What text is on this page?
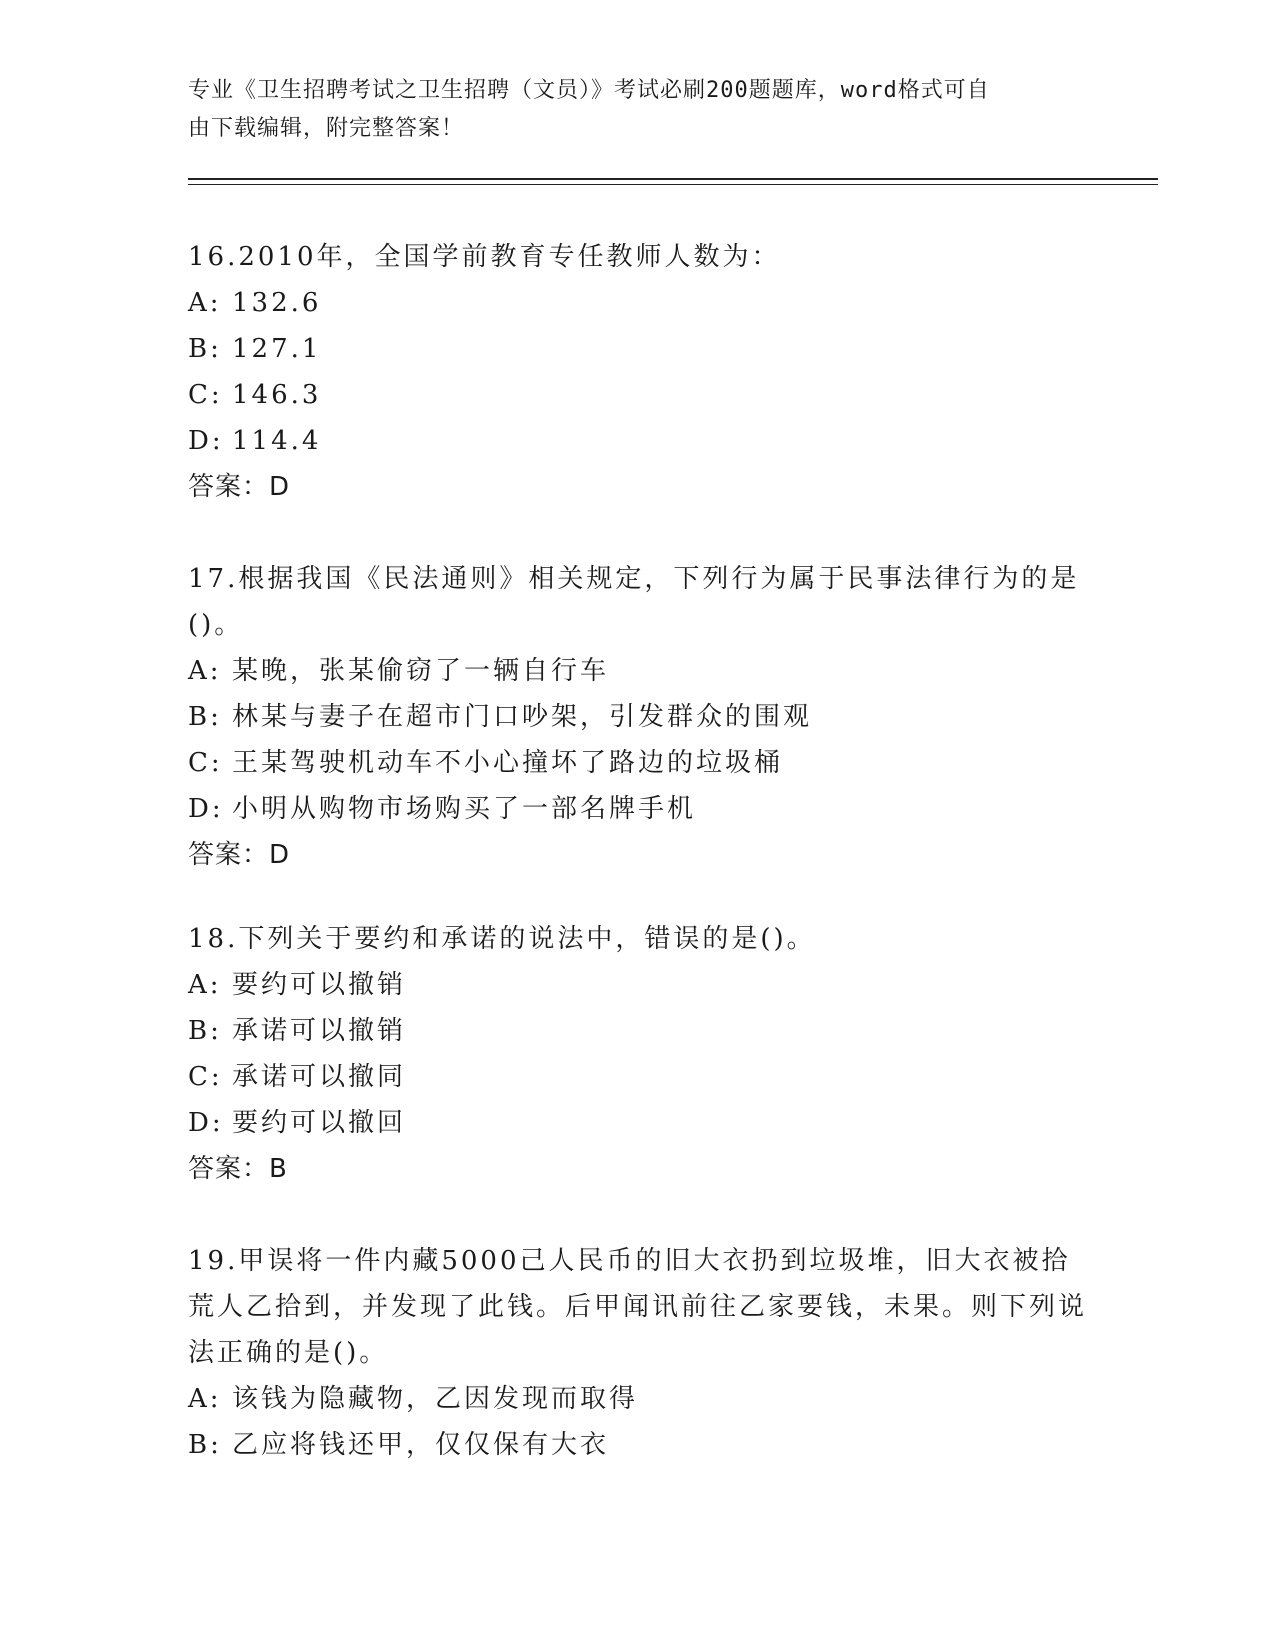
专业《卫生招聘考试之卫生招聘（文员）》考试必刷200题题库，word格式可自
由下载编辑，附完整答案！

16.2010年，全国学前教育专任教师人数为：

A: 132.6

B: 127.1

C: 146.3

D: 114.4

答案：D

17.根据我国《民法通则》相关规定，下列行为属于民事法律行为的是()。

A: 某晚，张某偷窃了一辆自行车

B: 林某与妻子在超市门口吵架，引发群众的围观

C: 王某驾驶机动车不小心撞坏了路边的垃圾桶

D: 小明从购物市场购买了一部名牌手机

答案：D

18.下列关于要约和承诺的说法中，错误的是()。

A: 要约可以撤销

B: 承诺可以撤销

C: 承诺可以撤同

D: 要约可以撤回

答案：B

19.甲误将一件内藏5000己人民币的旧大衣扔到垃圾堆，旧大衣被拾荒人乙拾到，并发现了此钱。后甲闻讯前往乙家要钱，未果。则下列说法正确的是()。

A: 该钱为隐藏物，乙因发现而取得

B: 乙应将钱还甲，仅仅保有大衣
